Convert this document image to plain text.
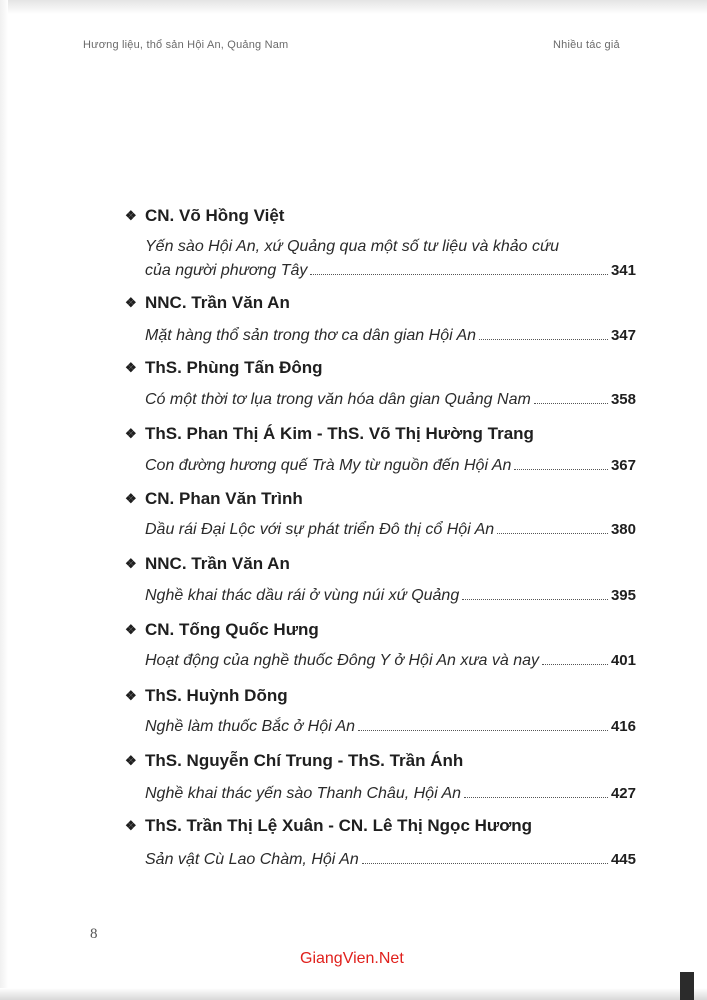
Hương liệu, thổ sản Hội An, Quảng Nam	Nhiều tác giả
❖ CN. Võ Hồng Việt
Yến sào Hội An, xứ Quảng qua một số tư liệu và khảo cứu
của người phương Tây	341
❖ NNC. Trần Văn An
Mặt hàng thổ sản trong thơ ca dân gian Hội An	347
❖ ThS. Phùng Tấn Đông
Có một thời tơ lụa trong văn hóa dân gian Quảng Nam	358
❖ ThS. Phan Thị Á Kim - ThS. Võ Thị Hường Trang
Con đường hương quế Trà My từ nguồn đến Hội An	367
❖ CN. Phan Văn Trình
Dầu rái Đại Lộc với sự phát triển Đô thị cổ Hội An	380
❖ NNC. Trần Văn An
Nghề khai thác dầu rái ở vùng núi xứ Quảng	395
❖ CN. Tống Quốc Hưng
Hoạt động của nghề thuốc Đông Y ở Hội An xưa và nay	401
❖ ThS. Huỳnh Dõng
Nghề làm thuốc Bắc ở Hội An	416
❖ ThS. Nguyễn Chí Trung - ThS. Trần Ánh
Nghề khai thác yến sào Thanh Châu, Hội An	427
❖ ThS. Trần Thị Lệ Xuân - CN. Lê Thị Ngọc Hương
Sản vật Cù Lao Chàm, Hội An	445
8
GiangVien.Net
